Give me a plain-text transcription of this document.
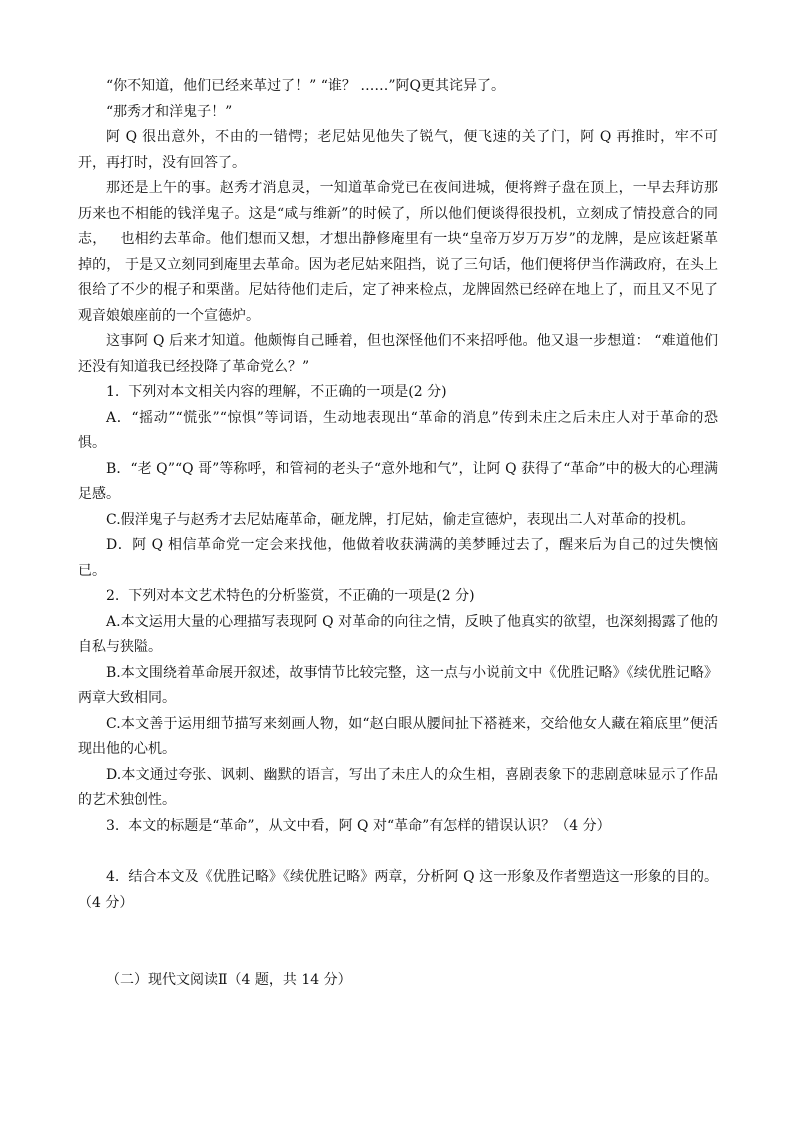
“你不知道，他们已经来革过了！” “谁？ ……”阿Q更其诧异了。

“那秀才和洋鬼子！”

阿 Q 很出意外，不由的一错愕；老尼姑见他失了锐气，便飞速的关了门，阿 Q 再推时，牢不可开，再打时，没有回答了。

那还是上午的事。赵秀才消息灵，一知道革命党已在夜间进城，便将辫子盘在顶上，一早去拜访那历来也不相能的钱洋鬼子。这是“咸与维新”的时候了，所以他们便谈得很投机，立刻成了情投意合的同志，   也相约去革命。他们想而又想，才想出静修庵里有一块“皇帝万岁万万岁”的龙牌，是应该赶紧革掉的， 于是又立刻同到庵里去革命。因为老尼姑来阻挡，说了三句话，他们便将伊当作满政府，在头上很给了不少的棍子和栗凿。尼姑待他们走后，定了神来检点，龙牌固然已经碎在地上了，而且又不见了观音娘娘座前的一个宣德炉。

这事阿 Q 后来才知道。他颇悔自己睡着，但也深怪他们不来招呼他。他又退一步想道： “难道他们还没有知道我已经投降了革命党么？”

1.  下列对本文相关内容的理解，不正确的一项是(2 分)

A．“摇动”“慌张”“惊惧”等词语，生动地表现出“革命的消息”传到未庄之后未庄人对于革命的恐惧。

B．“老 Q”“Q 哥”等称呼，和管祠的老头子“意外地和气”，让阿 Q 获得了“革命”中的极大的心理满足感。

C.假洋鬼子与赵秀才去尼姑庵革命，砸龙牌，打尼姑，偷走宣德炉，表现出二人对革命的投机。

D．阿 Q 相信革命党一定会来找他，他做着收获满满的美梦睡过去了，醒来后为自己的过失懊恼已。

2.  下列对本文艺术特色的分析鉴赏，不正确的一项是(2 分)

A.本文运用大量的心理描写表现阿 Q 对革命的向往之情，反映了他真实的欲望，也深刻揭露了他的自私与狭隘。

B.本文围绕着革命展开叙述，故事情节比较完整，这一点与小说前文中《优胜记略》《续优胜记略》两章大致相同。

C.本文善于运用细节描写来刻画人物，如“赵白眼从腰间扯下褡裢来，交给他女人藏在箱底里”便活现出他的心机。

D.本文通过夸张、讽刺、幽默的语言，写出了未庄人的众生相，喜剧表象下的悲剧意味显示了作品的艺术独创性。

3.  本文的标题是“革命”，从文中看，阿 Q 对“革命”有怎样的错误认识？（4 分）

4.  结合本文及《优胜记略》《续优胜记略》两章，分析阿 Q 这一形象及作者塑造这一形象的目的。（4 分）

（二）现代文阅读Ⅱ（4 题，共 14 分）
